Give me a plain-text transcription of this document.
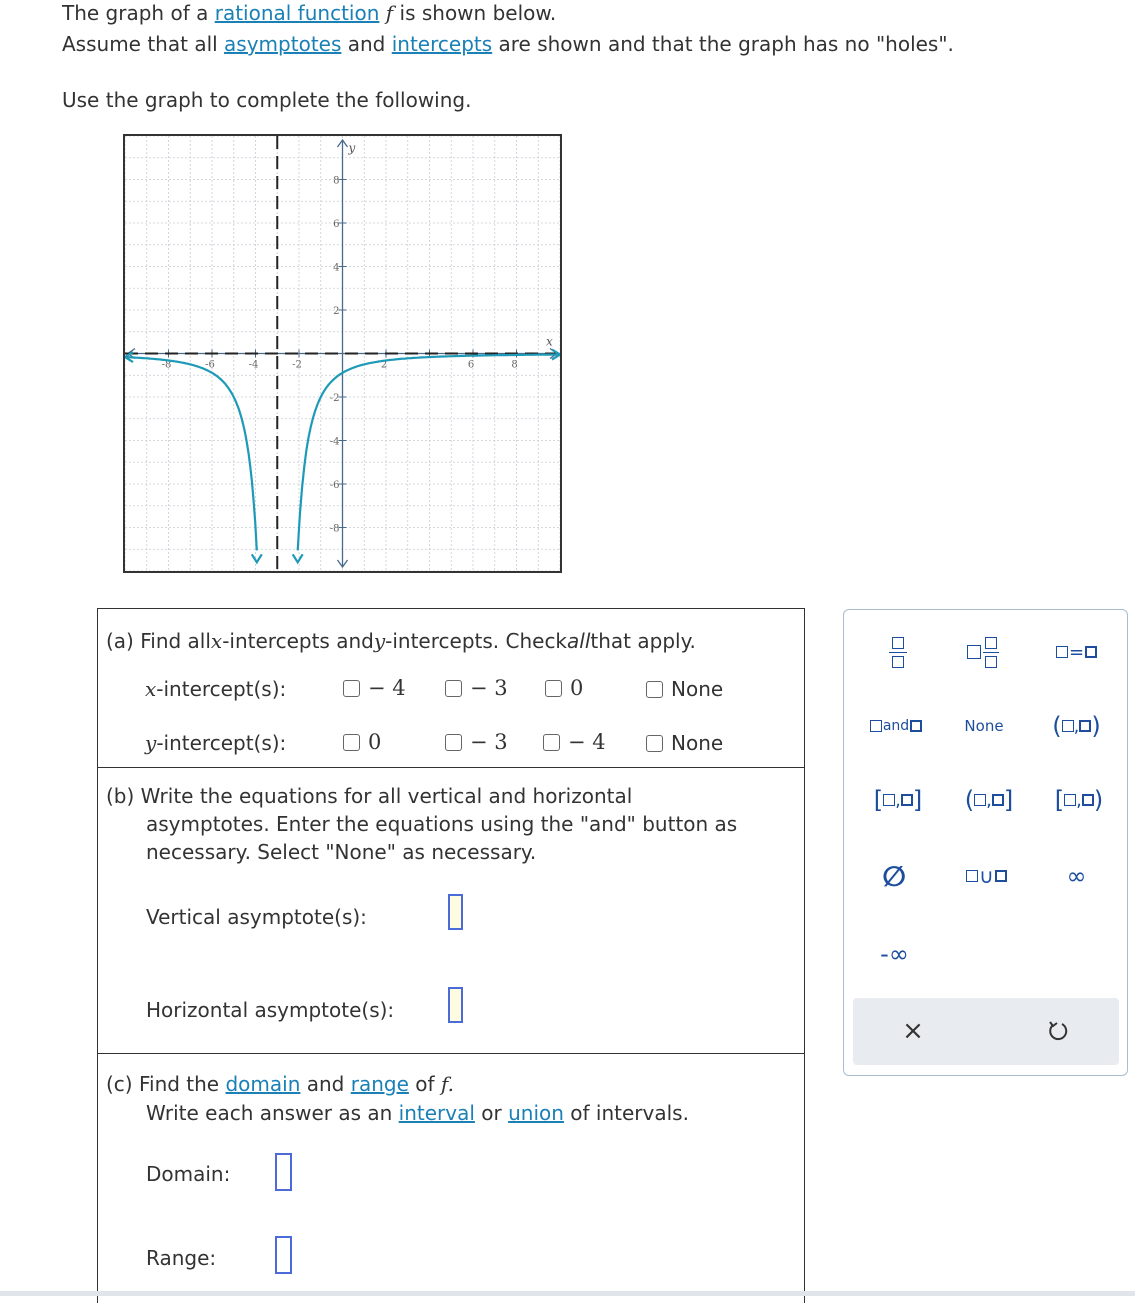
The graph of a rational function f is shown below.
Assume that all asymptotes and intercepts are shown and that the graph has no "holes".
Use the graph to complete the following.
-8	-6	-4	-2	2	6	8
8
6
4
2
-2
-4
-6
-8
x
y
(a) Find all x -intercepts and y -intercepts. Check all that apply.
x -intercept(s):	− 4	− 3	0	None
y -intercept(s):	0	− 3	− 4	None
(b) Write the equations for all vertical and horizontal
asymptotes. Enter the equations using the "and" button as
necessary. Select "None" as necessary.
Vertical asymptote(s):
Horizontal asymptote(s):
(c) Find the domain and range of f.
Write each answer as an interval or union of intervals.
Domain:
Range:
=
and	None ( , )
[ , ] ( , ] [ , )
∅	∪	∞
-∞
×
